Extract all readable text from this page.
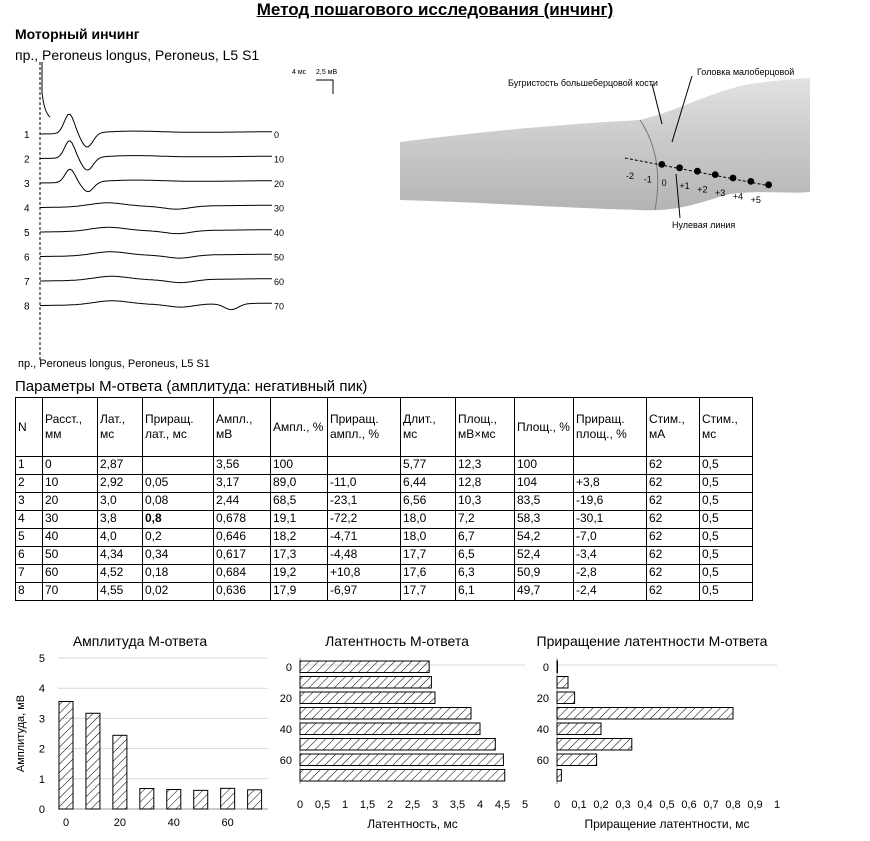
Метод пошагового исследования (инчинг)
Моторный инчинг
пр., Peroneus longus, Peroneus, L5 S1
4 мс 2,5 мВ
1	0
2	10
3	20
4	30
5	40
6	50
7	60
8	70
-2 -1 0 +1 +2 +3 +4 +5
Бугристость большеберцовой кости
Головка малоберцовой
Нулевая линия
пр., Peroneus longus, Peroneus, L5 S1
Параметры М-ответа (амплитуда: негативный пик)
N	Расст., мм	Лат., мс	Приращ. лат., мс	Ампл., мВ	Ампл., %	Приращ. ампл., %	Длит., мс	Площ., мВ×мс	Площ., %	Приращ. площ., %	Стим., мА	Стим., мс
1	0	2,87		3,56	100		5,77	12,3	100		62	0,5
2	10	2,92	0,05	3,17	89,0	-11,0	6,44	12,8	104	+3,8	62	0,5
3	20	3,0	0,08	2,44	68,5	-23,1	6,56	10,3	83,5	-19,6	62	0,5
4	30	3,8	0,8	0,678	19,1	-72,2	18,0	7,2	58,3	-30,1	62	0,5
5	40	4,0	0,2	0,646	18,2	-4,71	18,0	6,7	54,2	-7,0	62	0,5
6	50	4,34	0,34	0,617	17,3	-4,48	17,7	6,5	52,4	-3,4	62	0,5
7	60	4,52	0,18	0,684	19,2	+10,8	17,6	6,3	50,9	-2,8	62	0,5
8	70	4,55	0,02	0,636	17,9	-6,97	17,7	6,1	49,7	-2,4	62	0,5
Амплитуда М-ответа
0
1
2
3
4
5
0	20	40	60
Амплитуда, мВ
Латентность М-ответа
0
20
40
60
0 0,5 1 1,5 2 2,5 3 3,5 4 4,5 5
Латентность, мс
Приращение латентности М-ответа
0
20
40
60
0 0,1 0,2 0,3 0,4 0,5 0,6 0,7 0,8 0,9 1
Приращение латентности, мс
